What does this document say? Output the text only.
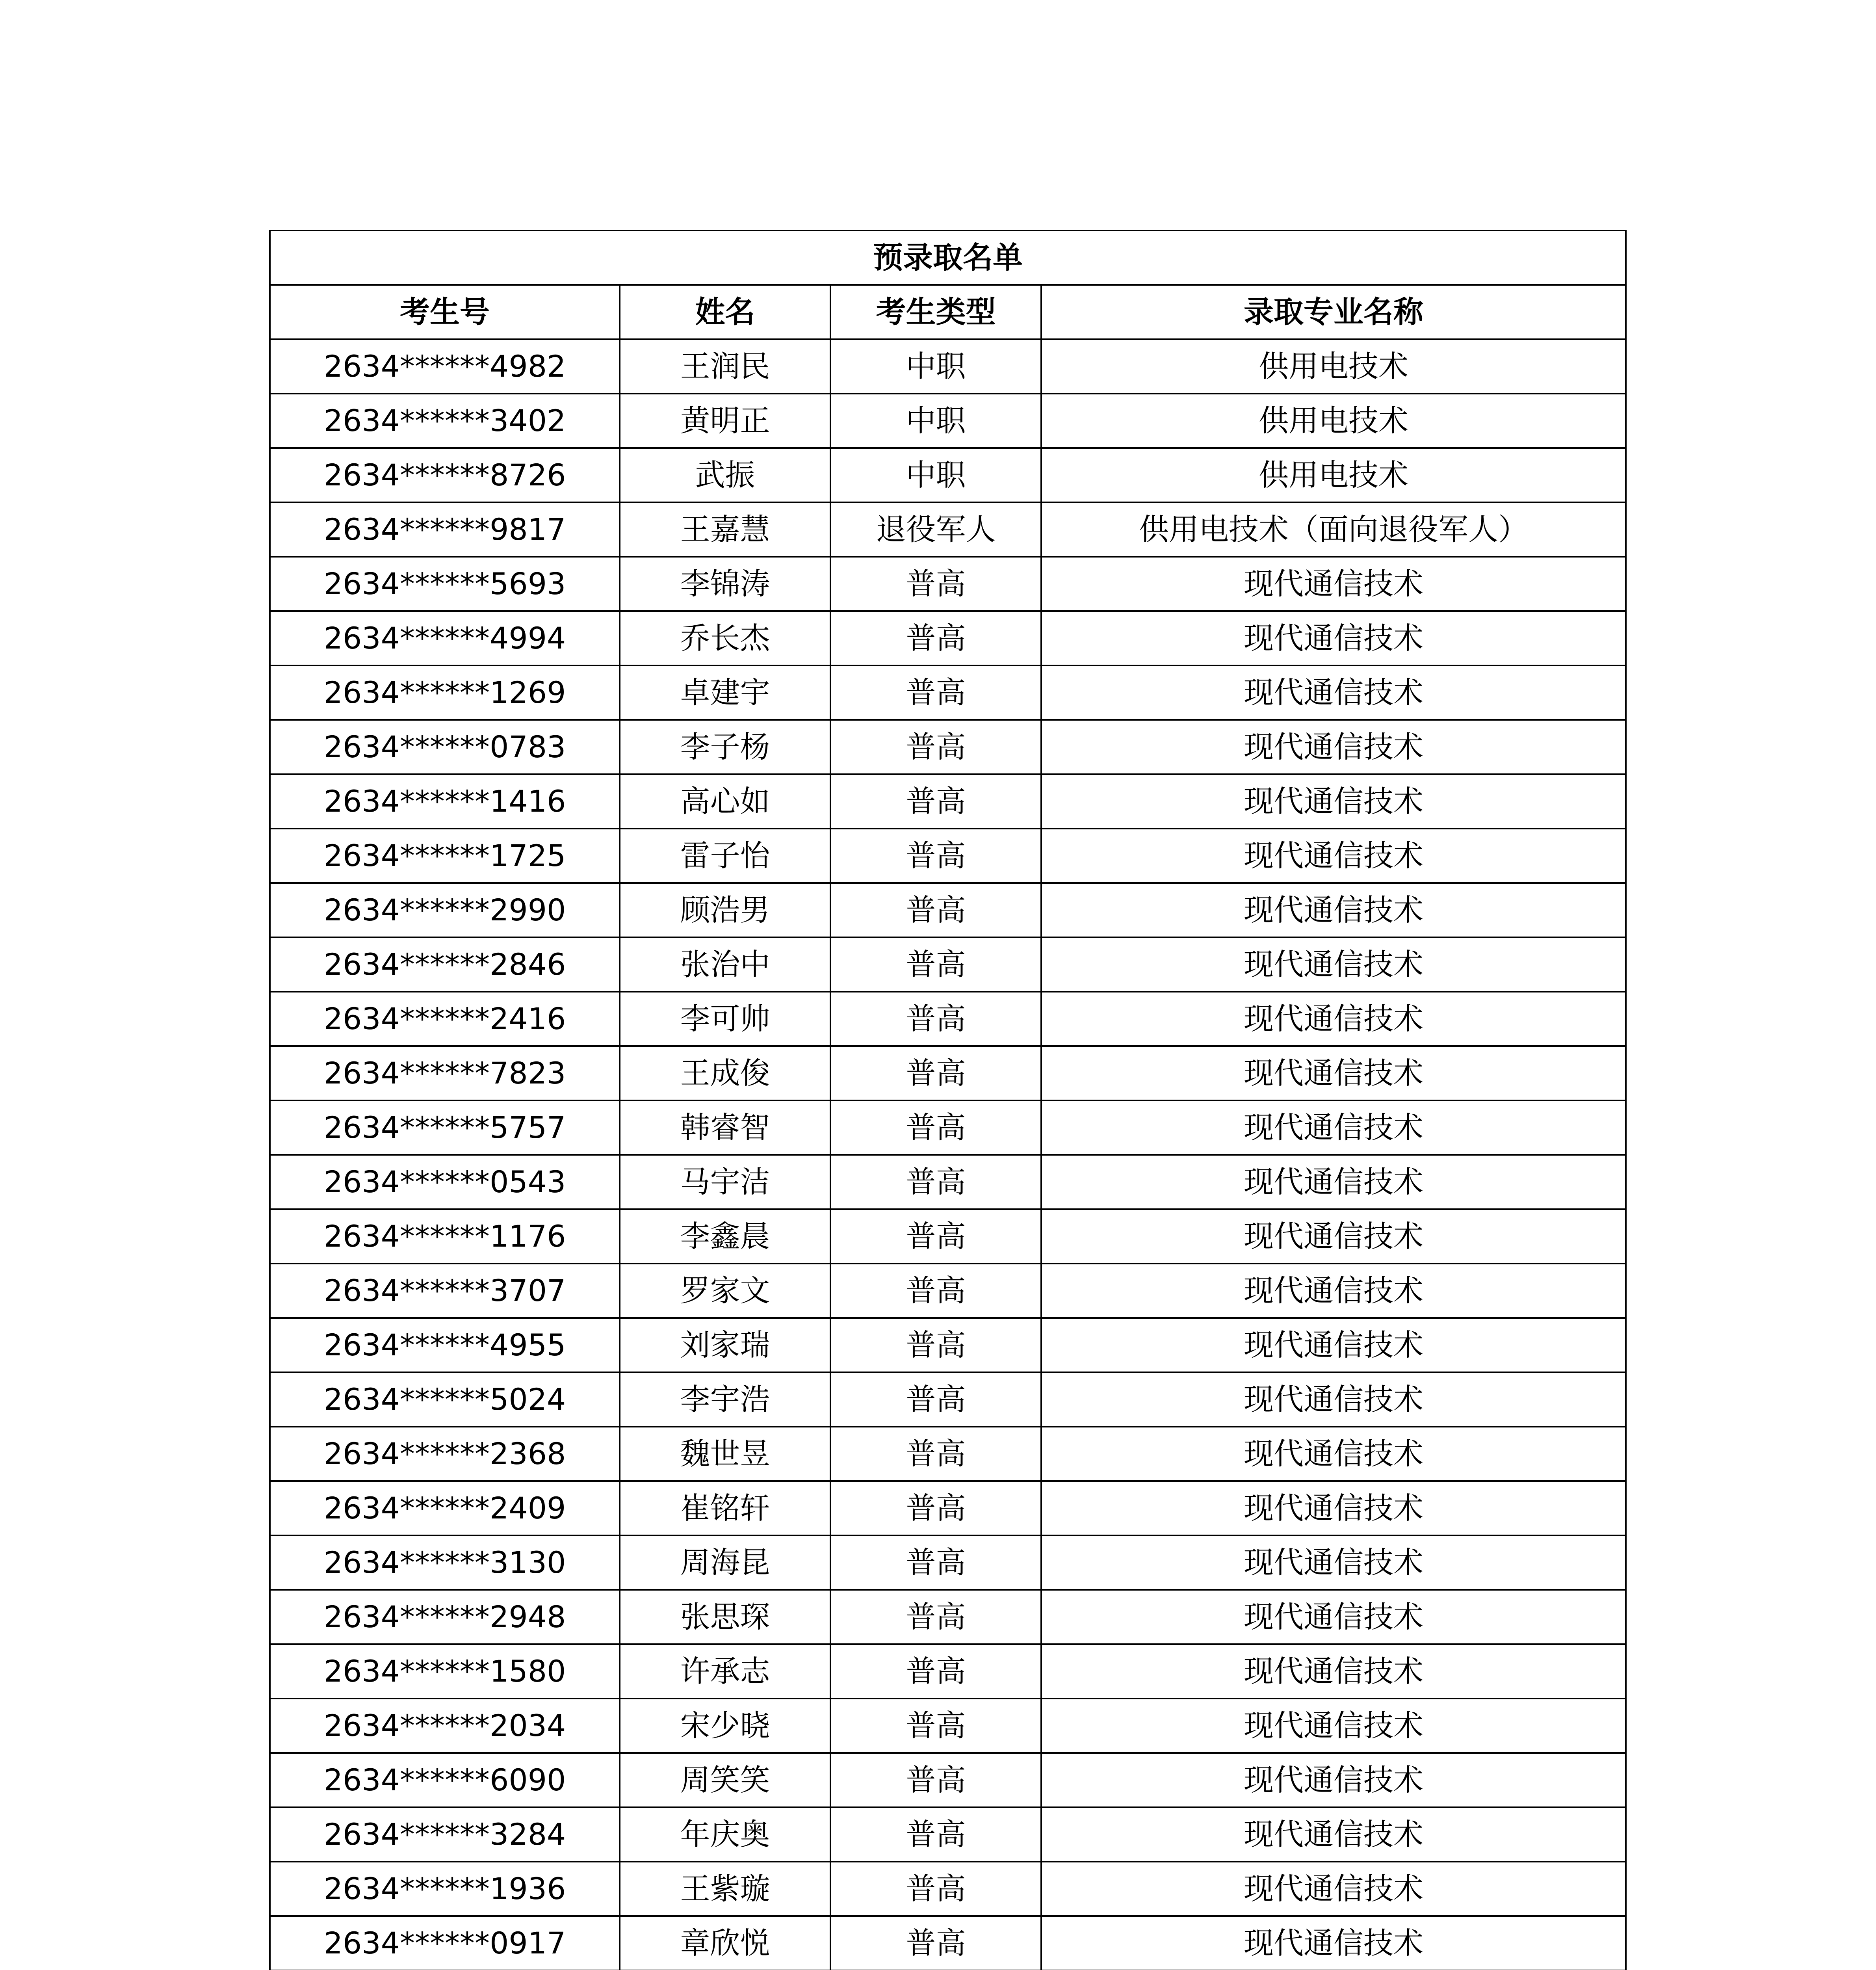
预录取名单			
考生号	姓名	考生类型	录取专业名称
2634******4982	王润民	中职	供用电技术
2634******3402	黄明正	中职	供用电技术
2634******8726	武振	中职	供用电技术
2634******9817	王嘉慧	退役军人	供用电技术（面向退役军人）
2634******5693	李锦涛	普高	现代通信技术
2634******4994	乔长杰	普高	现代通信技术
2634******1269	卓建宇	普高	现代通信技术
2634******0783	李子杨	普高	现代通信技术
2634******1416	高心如	普高	现代通信技术
2634******1725	雷子怡	普高	现代通信技术
2634******2990	顾浩男	普高	现代通信技术
2634******2846	张治中	普高	现代通信技术
2634******2416	李可帅	普高	现代通信技术
2634******7823	王成俊	普高	现代通信技术
2634******5757	韩睿智	普高	现代通信技术
2634******0543	马宇洁	普高	现代通信技术
2634******1176	李鑫晨	普高	现代通信技术
2634******3707	罗家文	普高	现代通信技术
2634******4955	刘家瑞	普高	现代通信技术
2634******5024	李宇浩	普高	现代通信技术
2634******2368	魏世昱	普高	现代通信技术
2634******2409	崔铭轩	普高	现代通信技术
2634******3130	周海昆	普高	现代通信技术
2634******2948	张思琛	普高	现代通信技术
2634******1580	许承志	普高	现代通信技术
2634******2034	宋少晓	普高	现代通信技术
2634******6090	周笑笑	普高	现代通信技术
2634******3284	年庆奥	普高	现代通信技术
2634******1936	王紫璇	普高	现代通信技术
2634******0917	章欣悦	普高	现代通信技术
